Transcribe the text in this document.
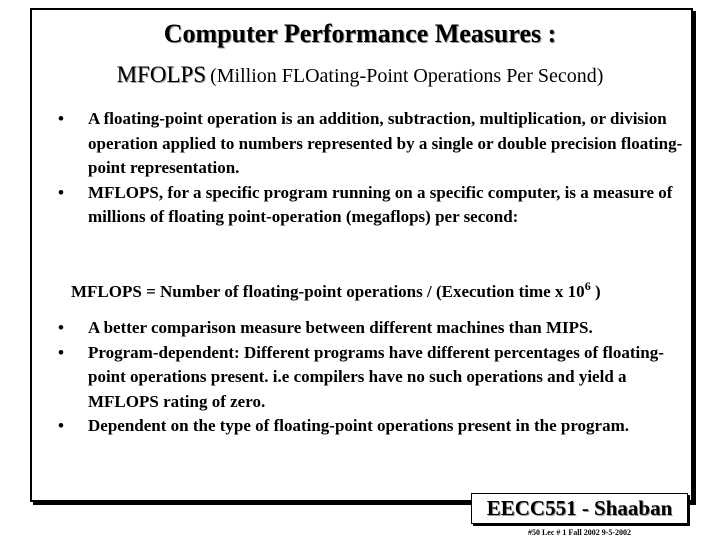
Computer Performance Measures :
MFOLPS (Million FLOating-Point Operations Per Second)
•	A floating-point operation is an addition, subtraction, multiplication, or division operation applied to numbers represented by a single or double precision floating-point representation.
•	MFLOPS, for a specific program running on a specific computer, is a measure of millions of floating point-operation (megaflops) per second:
MFLOPS = Number of floating-point operations / (Execution time x $10^6$ )
•	A better comparison measure between different machines than MIPS.
•	Program-dependent: Different programs have different percentages of floating-point operations present. i.e compilers have no such operations and yield a MFLOPS rating of zero.
•	Dependent on the type of floating-point operations present in the program.
EECC551 - Shaaban
#50 Lec # 1 Fall 2002 9-5-2002
